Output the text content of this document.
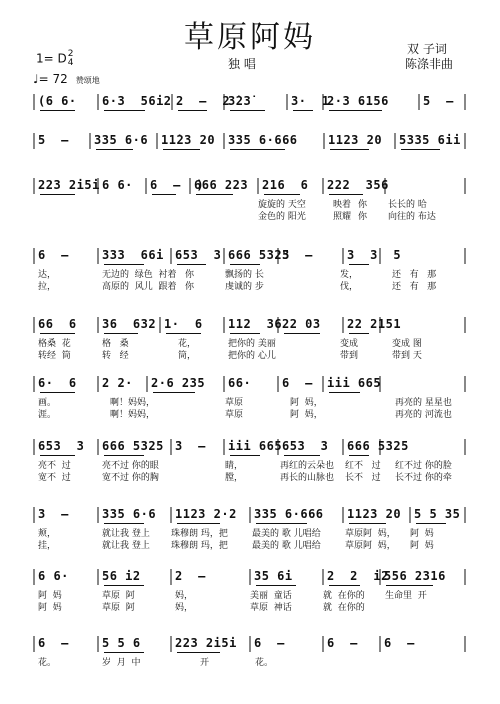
草原阿妈
独 唱
双 子词
陈涤非曲
1= D2
4
♩= 72 赞颂地
(6 6· 6·3  56i2 2  –  2
3̇23̇	3·  1
2·3 6156	5  –
5  – 335 6·6 11̇23 20 335 6·666	1123 20 5335 6ii
223 2i5i 6 6· 6  –  )
666 223 216  6 222  356
旋旋的 天空	映着 你 长长的 哈
金色的 阳光	照耀 你 向往的 布达
6  –	333  66i 653  3 666 5325
3  –	3  3  5
达，	无边的  绿色  衬着   你	飘扬的 长	发，	还   有   那
拉，	高原的  风儿  跟着   你	虔诚的 步	伐，	还   有   那
66  6 36  632 1·  6 112  36 22 03 22 2151
格桑  花	格   桑	花，	把你的 美丽	变成	变成 图
转经  筒	转   经	筒，	把你的 心儿	带到	带到 天
6·  6 2 2· 2·6 235 66·	6  – iii 665
画。	啊！妈妈，	草原	阿  妈，	再亮的 星星也
涯。	啊！妈妈，	草原	阿  妈，	再亮的 河流也
653  3 666 5325 3  – iii 665 653  3 666 5325
亮不  过	亮不过 你的眼	睛，	再红的云朵也 红不   过 红不过 你的脸
宽不  过	宽不过 你的胸	膛，	再长的山脉也 长不   过 长不过 你的牵
3  –	335 6·6 1123 2·2 335 6·666 1123 20 5 5 35
颊，	就让我 登上 珠穆朗 玛，把	最美的 歌 儿唱给	草原阿  妈， 阿  妈
挂，	就让我 登上 珠穆朗 玛，把	最美的 歌 儿唱给	草原阿  妈， 阿  妈
6 6·	56 i2	2  –	35 6i	2  2  i2
556 2316
阿  妈	草原  阿	妈，	美丽  童话	就  在你的 生命里  开
阿  妈	草原  阿	妈，	草原  神话	就  在你的
6  –	5 5 6	223 2i5i 6  –	6  – 6  –
花。	岁  月  中	开	花。
